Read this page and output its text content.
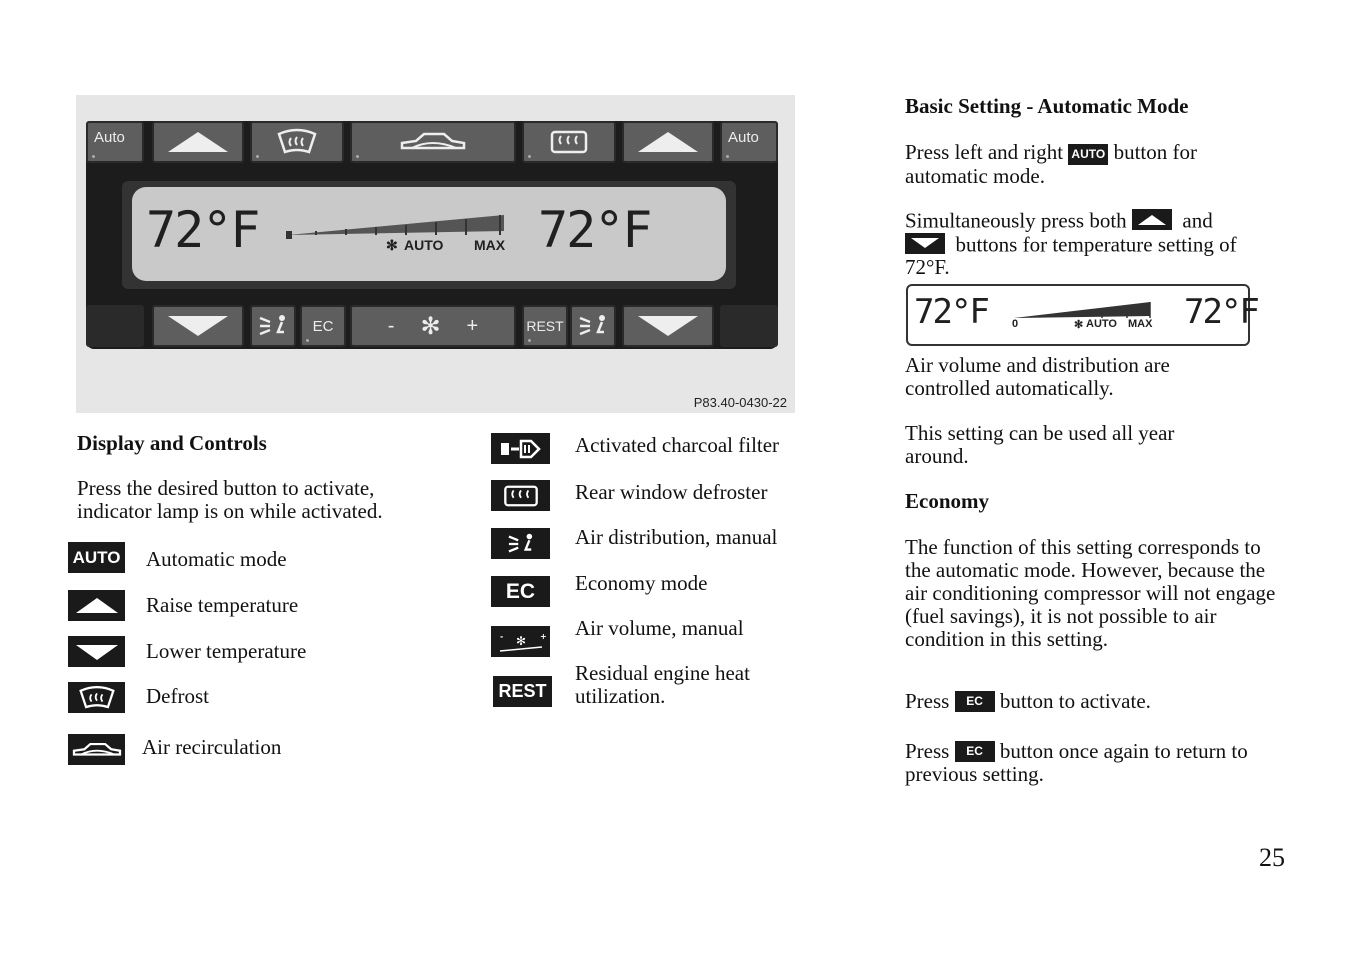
Auto	Auto
72°F	✻ AUTO MAX 72°F
EC	- ✻ +	REST
P83.40-0430-22
Display and Controls
Press the desired button to activate, indicator lamp is on while activated.
AUTO Automatic mode
Raise temperature
Lower temperature
Defrost
Air recirculation
Activated charcoal filter
Rear window defroster
Air distribution, manual
EC	Economy mode
-	+
✻
Air volume, manual
REST
Residual engine heat utilization.
Basic Setting - Automatic Mode
Press left and right AUTO button for automatic mode.
Simultaneously press both	and

buttons for temperature setting of 72°F.
72°F 0	✻ AUTO MAX 72°F
Air volume and distribution are controlled automatically.
This setting can be used all year around.
Economy
The function of this setting corresponds to the automatic mode. However, because the air conditioning compressor will not engage (fuel savings), it is not possible to air condition in this setting.
Press EC button to activate.
Press EC button once again to return to previous setting.
25
